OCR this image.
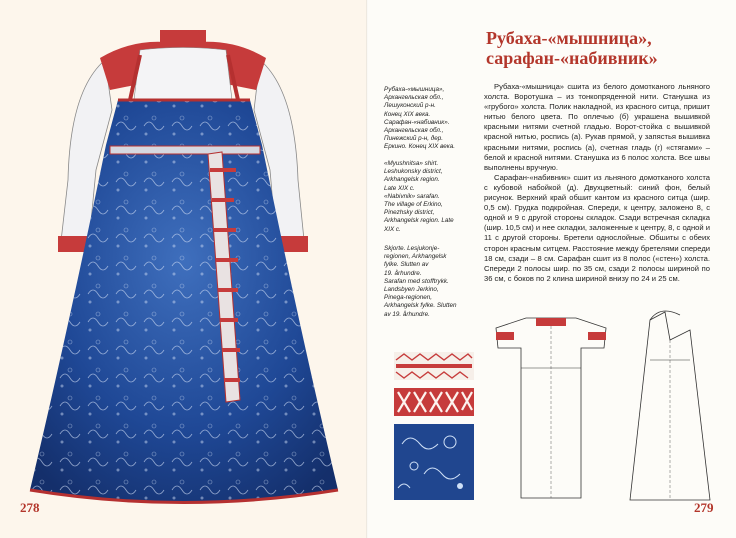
278
Рубаха-«мышница»,
сарафан-«набивник»
Рубаха-«мышница»,
Архангельская обл.,
Лешуконский р-н.
Конец XIX века.
Сарафан-«набивник».
Архангельская обл.,
Пинежский р-н, дер.
Еркино. Конец XIX века.
«Myushnitsa» shirt.
Leshukonsky district,
Arkhangelsk region.
Late XIX c.
«Nabivnik» sarafan.
The village of Erkino,
Pinezhsky district,
Arkhangelsk region. Late
XIX c.
Skjorte. Lesjukonje-
regionen, Arkhangelsk
fylke. Slutten av
19. århundre.
Sarafan med stofftrykk.
Landsbyen Jerkino,
Pinega-regionen,
Arkhangelsk fylke. Slutten
av 19. århundre.

Рубаха-«мышница» сшита из белого домотканого льняного холста. Воротушка – из тонкопряденной нити. Станушка из «грубого» холста. Полик накладной, из красного ситца, пришит нитью белого цвета. По оплечью (б) украшена вышивкой красными нитями счетной гладью. Ворот-стойка с вышивкой красной нитью, роспись (а). Рукав прямой, у запястья вышивка красными нитями, роспись (а), счетная гладь (г) «стягами» – белой и красной нитями. Станушка из 6 полос холста. Все швы выполнены вручную.

Сарафан-«набивник» сшит из льняного домотканого холста с кубовой набойкой (д). Двухцветный: синий фон, белый рисунок. Верхний край обшит кантом из красного ситца (шир. 0,5 см). Грудка подкройная. Спереди, к центру, заложено 8, с одной и 9 с другой стороны складок. Сзади встречная складка (шир. 10,5 см) и нее складки, заложенные к центру, 8, с одной и 11 с другой стороны. Бретели однослойные. Обшиты с обеих сторон красным ситцем. Расстояние между бретелями спереди 18 см, сзади – 8 см. Сарафан сшит из 8 полос («стен») холста. Спереди 2 полосы шир. по 35 см, сзади 2 полосы шириной по 36 см, с боков по 2 клина шириной внизу по 24 и 25 см.

279
